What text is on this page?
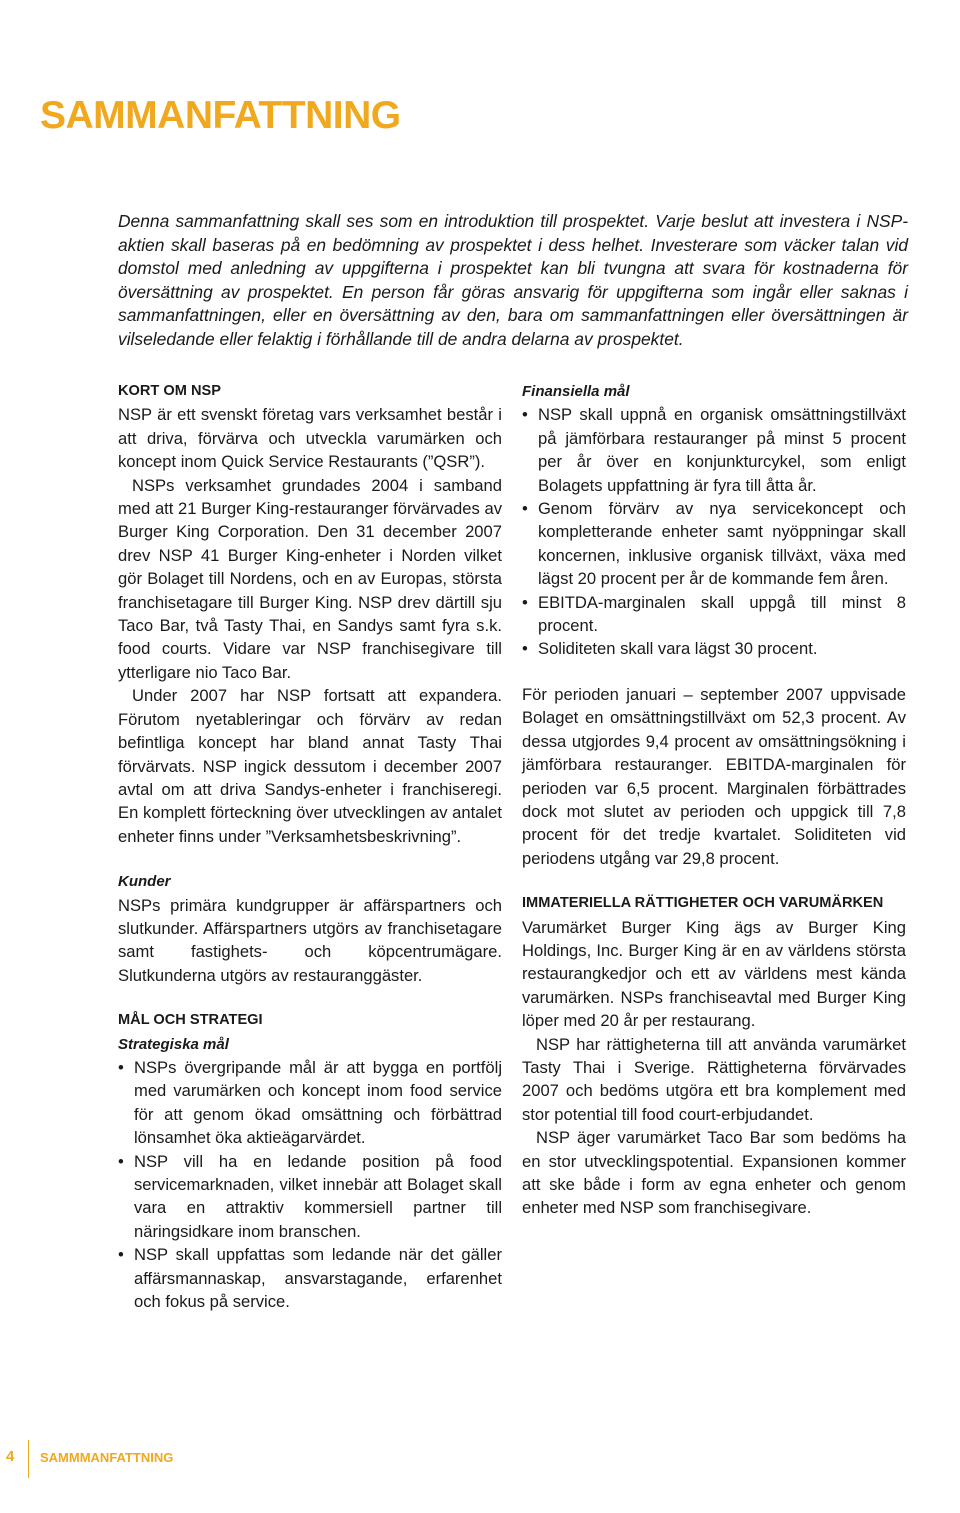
SAMMANFATTNING

Denna sammanfattning skall ses som en introduktion till prospektet. Varje beslut att investera i NSP-aktien skall baseras på en bedömning av prospektet i dess helhet. Investerare som väcker talan vid domstol med anledning av uppgifterna i prospektet kan bli tvungna att svara för kostnaderna för översättning av prospektet. En person får göras ansvarig för uppgifterna som ingår eller saknas i sammanfattningen, eller en översättning av den, bara om sammanfattningen eller översättningen är vilseledande eller felaktig i förhållande till de andra delarna av prospektet.

KORT OM NSP

NSP är ett svenskt företag vars verksamhet består i att driva, förvärva och utveckla varumärken och koncept inom Quick Service Restaurants (”QSR”).

NSPs verksamhet grundades 2004 i samband med att 21 Burger King-restauranger förvärvades av Burger King Corporation. Den 31 december 2007 drev NSP 41 Burger King-enheter i Norden vilket gör Bolaget till Nordens, och en av Europas, största franchisetagare till Burger King. NSP drev därtill sju Taco Bar, två Tasty Thai, en Sandys samt fyra s.k. food courts. Vidare var NSP franchisegivare till ytterligare nio Taco Bar.

Under 2007 har NSP fortsatt att expandera. Förutom nyetableringar och förvärv av redan befintliga koncept har bland annat Tasty Thai förvärvats. NSP ingick dessutom i december 2007 avtal om att driva Sandys-enheter i franchiseregi. En komplett förteckning över utvecklingen av antalet enheter finns under ”Verksamhetsbeskrivning”.

Kunder

NSPs primära kundgrupper är affärspartners och slutkunder. Affärspartners utgörs av franchisetagare samt fastighets- och köpcentrumägare. Slutkunderna utgörs av restauranggäster.

MÅL OCH STRATEGI
Strategiska mål
• NSPs övergripande mål är att bygga en portfölj med varumärken och koncept inom food service för att genom ökad omsättning och förbättrad lönsamhet öka aktieägarvärdet.
• NSP vill ha en ledande position på food servicemarknaden, vilket innebär att Bolaget skall vara en attraktiv kommersiell partner till näringsidkare inom branschen.
• NSP skall uppfattas som ledande när det gäller affärsmannaskap, ansvarstagande, erfarenhet och fokus på service.
Finansiella mål
• NSP skall uppnå en organisk omsättningstillväxt på jämförbara restauranger på minst 5 procent per år över en konjunkturcykel, som enligt Bolagets uppfattning är fyra till åtta år.
• Genom förvärv av nya servicekoncept och kompletterande enheter samt nyöppningar skall koncernen, inklusive organisk tillväxt, växa med lägst 20 procent per år de kommande fem åren.
• EBITDA-marginalen skall uppgå till minst 8 procent.
• Soliditeten skall vara lägst 30 procent.

För perioden januari – september 2007 uppvisade Bolaget en omsättningstillväxt om 52,3 procent. Av dessa utgjordes 9,4 procent av omsättningsökning i jämförbara restauranger. EBITDA-marginalen för perioden var 6,5 procent. Marginalen förbättrades dock mot slutet av perioden och uppgick till 7,8 procent för det tredje kvartalet. Soliditeten vid periodens utgång var 29,8 procent.

IMMATERIELLA RÄTTIGHETER OCH VARUMÄRKEN

Varumärket Burger King ägs av Burger King Holdings, Inc. Burger King är en av världens största restaurangkedjor och ett av världens mest kända varumärken. NSPs franchiseavtal med Burger King löper med 20 år per restaurang.

NSP har rättigheterna till att använda varumärket Tasty Thai i Sverige. Rättigheterna förvärvades 2007 och bedöms utgöra ett bra komplement med stor potential till food court-erbjudandet.

NSP äger varumärket Taco Bar som bedöms ha en stor utvecklingspotential. Expansionen kommer att ske både i form av egna enheter och genom enheter med NSP som franchisegivare.

4 SAMMMANFATTNING
